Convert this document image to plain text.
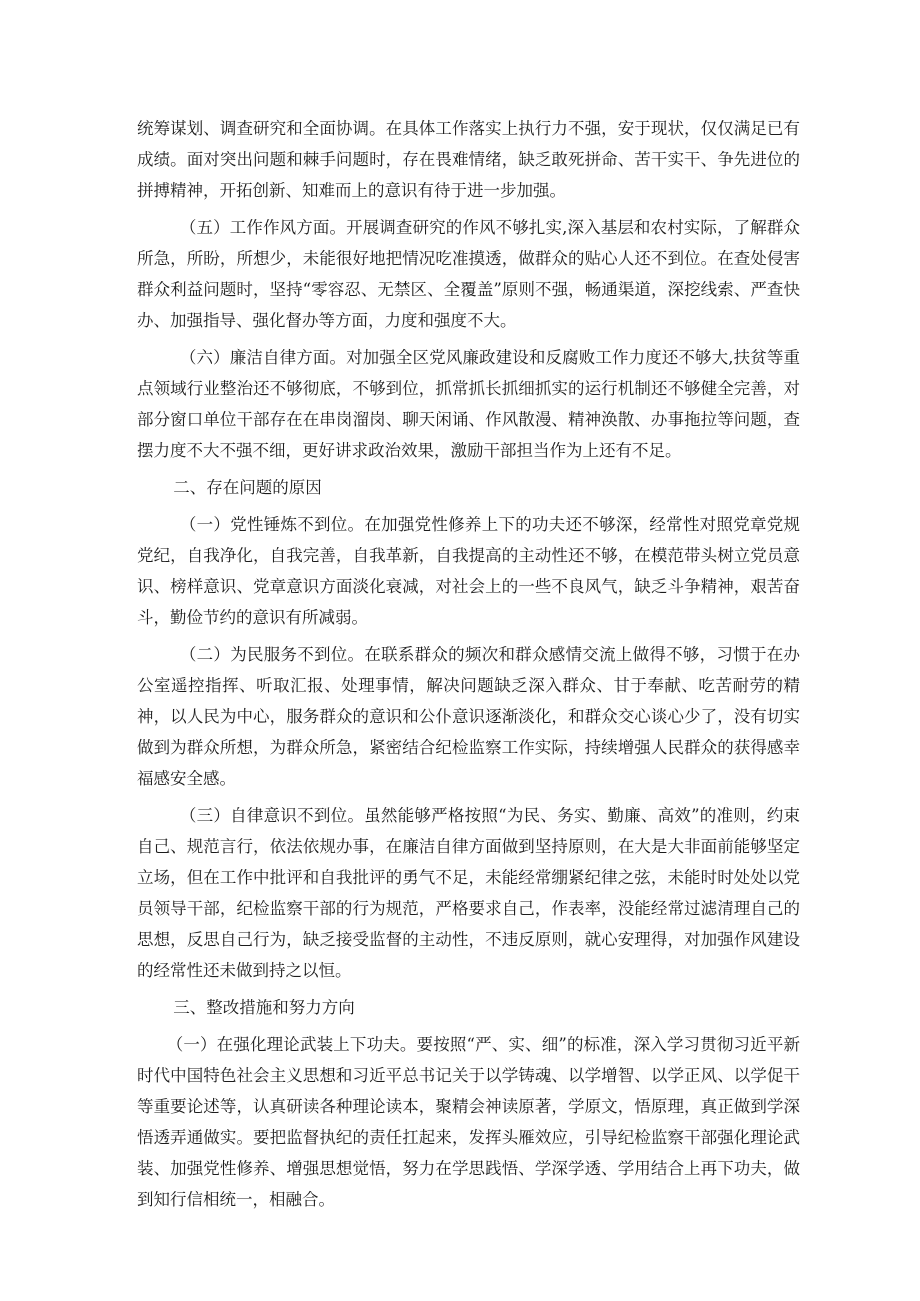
统筹谋划、调查研究和全面协调。在具体工作落实上执行力不强，安于现状，仅仅满足已有成绩。面对突出问题和棘手问题时，存在畏难情绪，缺乏敢死拼命、苦干实干、争先进位的拼搏精神，开拓创新、知难而上的意识有待于进一步加强。

（五）工作作风方面。开展调查研究的作风不够扎实,深入基层和农村实际，了解群众所急，所盼，所想少，未能很好地把情况吃准摸透，做群众的贴心人还不到位。在查处侵害群众利益问题时，坚持“零容忍、无禁区、全覆盖”原则不强，畅通渠道，深挖线索、严查快办、加强指导、强化督办等方面，力度和强度不大。

（六）廉洁自律方面。对加强全区党风廉政建设和反腐败工作力度还不够大,扶贫等重点领域行业整治还不够彻底，不够到位，抓常抓长抓细抓实的运行机制还不够健全完善，对部分窗口单位干部存在在串岗溜岗、聊天闲诵、作风散漫、精神涣散、办事拖拉等问题，查摆力度不大不强不细，更好讲求政治效果，激励干部担当作为上还有不足。

二、存在问题的原因

（一）党性锤炼不到位。在加强党性修养上下的功夫还不够深，经常性对照党章党规党纪，自我净化，自我完善，自我革新，自我提高的主动性还不够，在模范带头树立党员意识、榜样意识、党章意识方面淡化衰减，对社会上的一些不良风气，缺乏斗争精神，艰苦奋斗，勤俭节约的意识有所减弱。

（二）为民服务不到位。在联系群众的频次和群众感情交流上做得不够，习惯于在办公室遥控指挥、听取汇报、处理事情，解决问题缺乏深入群众、甘于奉献、吃苦耐劳的精神，以人民为中心，服务群众的意识和公仆意识逐渐淡化，和群众交心谈心少了，没有切实做到为群众所想，为群众所急，紧密结合纪检监察工作实际，持续增强人民群众的获得感幸福感安全感。

（三）自律意识不到位。虽然能够严格按照“为民、务实、勤廉、高效”的准则，约束自己、规范言行，依法依规办事，在廉洁自律方面做到坚持原则，在大是大非面前能够坚定立场，但在工作中批评和自我批评的勇气不足，未能经常绷紧纪律之弦，未能时时处处以党员领导干部，纪检监察干部的行为规范，严格要求自己，作表率，没能经常过滤清理自己的思想，反思自己行为，缺乏接受监督的主动性，不违反原则，就心安理得，对加强作风建设的经常性还未做到持之以恒。

三、整改措施和努力方向

（一）在强化理论武装上下功夫。要按照“严、实、细”的标准，深入学习贯彻习近平新时代中国特色社会主义思想和习近平总书记关于以学铸魂、以学增智、以学正风、以学促干等重要论述等，认真研读各种理论读本，聚精会神读原著，学原文，悟原理，真正做到学深悟透弄通做实。要把监督执纪的责任扛起来，发挥头雁效应，引导纪检监察干部强化理论武装、加强党性修养、增强思想觉悟，努力在学思践悟、学深学透、学用结合上再下功夫，做到知行信相统一，相融合。
